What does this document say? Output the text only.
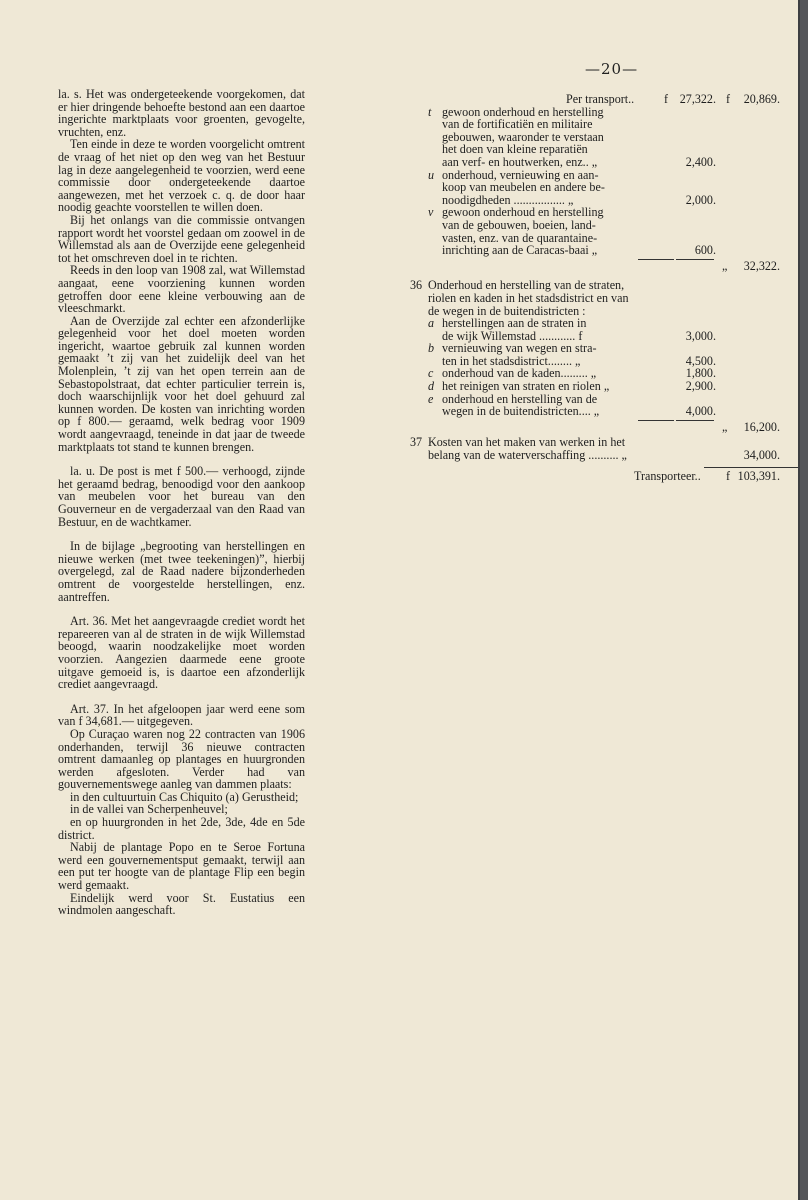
—20—

la. s. Het was ondergeteekende voorgekomen, dat er hier dringende behoefte bestond aan een daartoe ingerichte marktplaats voor groenten, gevogelte, vruchten, enz.

Ten einde in deze te worden voorgelicht omtrent de vraag of het niet op den weg van het Bestuur lag in deze aangelegenheid te voorzien, werd eene commissie door ondergeteekende daartoe aangewezen, met het verzoek c. q. de door haar noodig geachte voorstellen te willen doen.

Bij het onlangs van die commissie ontvangen rapport wordt het voorstel gedaan om zoowel in de Willemstad als aan de Overzijde eene gelegenheid tot het omschreven doel in te richten.

Reeds in den loop van 1908 zal, wat Willemstad aangaat, eene voorziening kunnen worden getroffen door eene kleine verbouwing aan de vleeschmarkt.

Aan de Overzijde zal echter een afzonderlijke gelegenheid voor het doel moeten worden ingericht, waartoe gebruik zal kunnen worden gemaakt ’t zij van het zuidelijk deel van het Molenplein, ’t zij van het open terrein aan de Sebastopolstraat, dat echter particulier terrein is, doch waarschijnlijk voor het doel gehuurd zal kunnen worden. De kosten van inrichting worden op f 800.— geraamd, welk bedrag voor 1909 wordt aangevraagd, teneinde in dat jaar de tweede marktplaats tot stand te kunnen brengen.

la. u. De post is met f 500.— verhoogd, zijnde het geraamd bedrag, benoodigd voor den aankoop van meubelen voor het bureau van den Gouverneur en de vergaderzaal van den Raad van Bestuur, en de wachtkamer.

In de bijlage „begrooting van herstellingen en nieuwe werken (met twee teekeningen)”, hierbij overgelegd, zal de Raad nadere bijzonderheden omtrent de voorgestelde herstellingen, enz. aantreffen.

Art. 36. Met het aangevraagde crediet wordt het repareeren van al de straten in de wijk Willemstad beoogd, waarin noodzakelijke moet worden voorzien. Aangezien daarmede eene groote uitgave gemoeid is, is daartoe een afzonderlijk crediet aangevraagd.

Art. 37. In het afgeloopen jaar werd eene som van f 34,681.— uitgegeven.

Op Curaçao waren nog 22 contracten van 1906 onderhanden, terwijl 36 nieuwe contracten omtrent damaanleg op plantages en huurgronden werden afgesloten. Verder had van gouvernementswege aanleg van dammen plaats:

in den cultuurtuin Cas Chiquito (a) Gerustheid;

in de vallei van Scherpenheuvel;

en op huurgronden in het 2de, 3de, 4de en 5de district.

Nabij de plantage Popo en te Seroe Fortuna werd een gouvernementsput gemaakt, terwijl aan een put ter hoogte van de plantage Flip een begin werd gemaakt.

Eindelijk werd voor St. Eustatius een windmolen aangeschaft.

Per transport.. f 27,322. f 20,869.
t gewoon onderhoud en herstelling
van de fortificatiën en militaire
gebouwen, waaronder te verstaan
het doen van kleine reparatiën
aan verf- en houtwerken, enz.. „	2,400.
u onderhoud, vernieuwing en aan-
koop van meubelen en andere be-
noodigdheden ................. „	2,000.
v gewoon onderhoud en herstelling
van de gebouwen, boeien, land-
vasten, enz. van de quarantaine-
inrichting aan de Caracas-baai „	600.
„ 32,322.
36 Onderhoud en herstelling van de straten,
riolen en kaden in het stadsdistrict en van
de wegen in de buitendistricten :
a herstellingen aan de straten in
de wijk Willemstad ............ f	3,000.
b vernieuwing van wegen en stra-
ten in het stadsdistrict........ „	4,500.
c onderhoud van de kaden......... „	1,800.
d het reinigen van straten en riolen „	2,900.
e onderhoud en herstelling van de
wegen in de buitendistricten.... „	4,000.
„ 16,200.
37 Kosten van het maken van werken in het
belang van de waterverschaffing .......... „	34,000.
Transporteer.. f 103,391.
